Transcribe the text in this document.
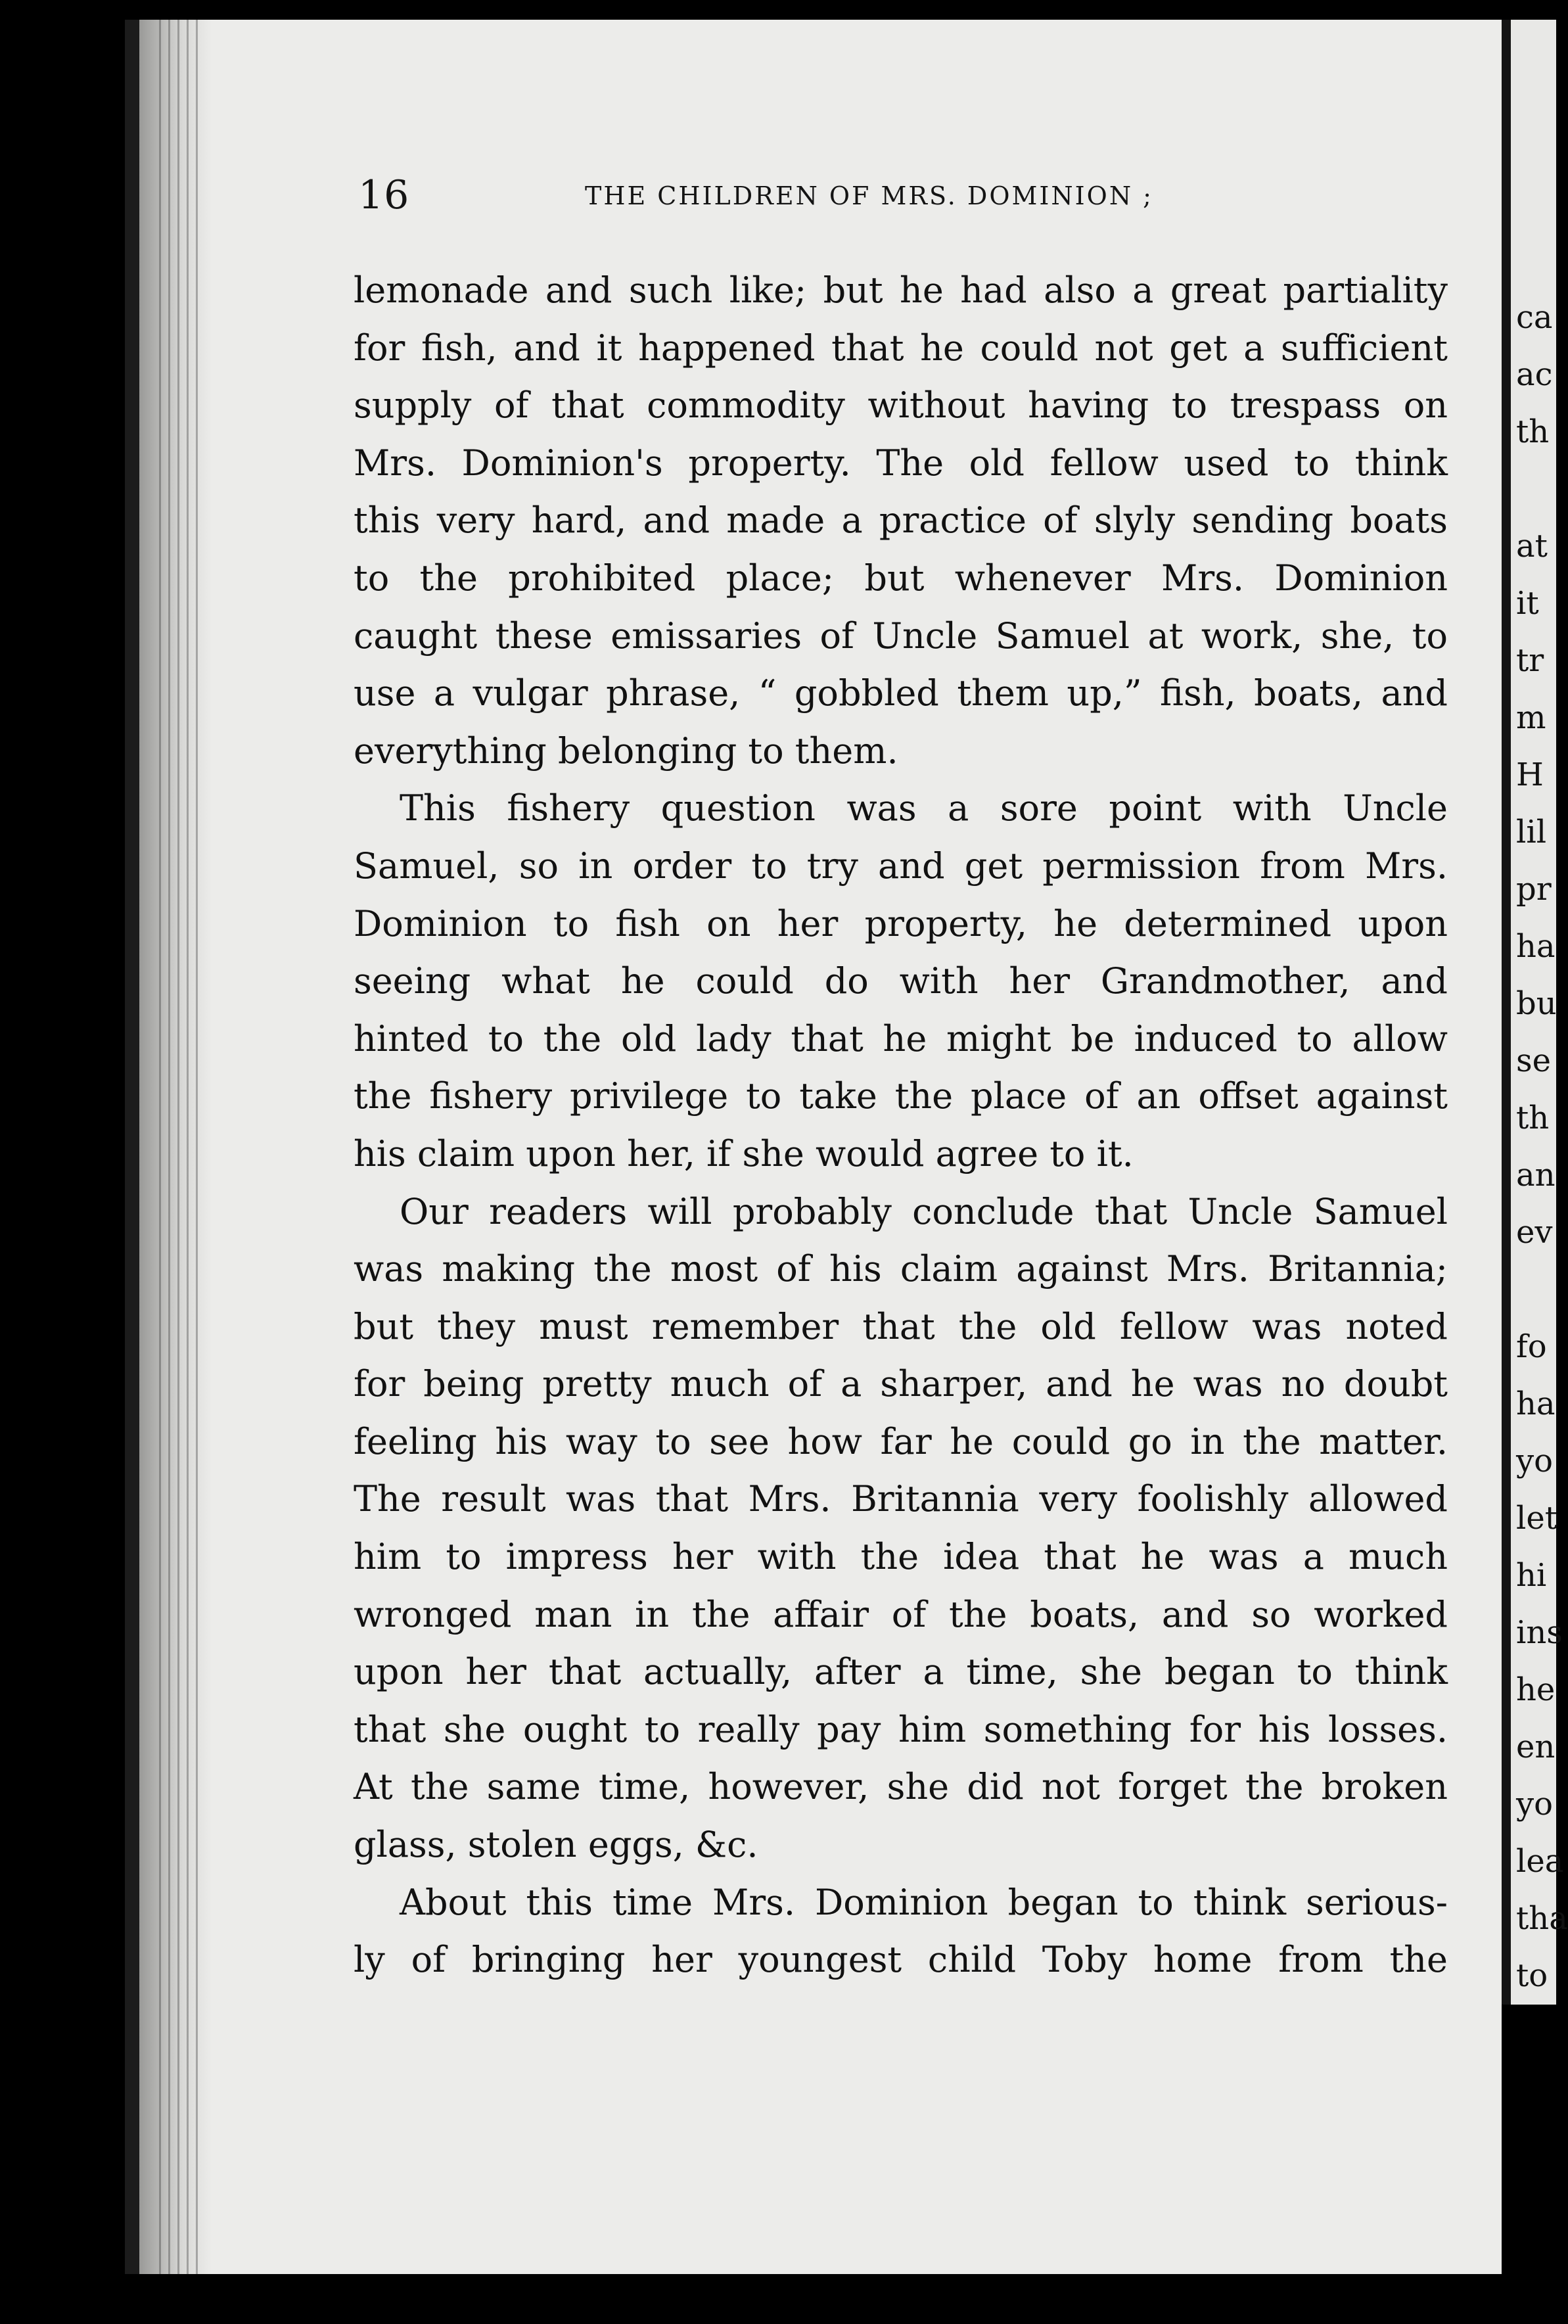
ca
ac
th
at
it
tr
m
H
lil
pr
ha
bu
se
th
an
ev
fo
ha
yo
let
hi
ins
he
en
yo
lea
tha
to
16	THE CHILDREN OF MRS. DOMINION ;
lemonade and such like; but he had also a great partiality
for fish, and it happened that he could not get a sufficient
supply of that commodity without having to trespass on
Mrs. Dominion's property. The old fellow used to think
this very hard, and made a practice of slyly sending boats
to the prohibited place; but whenever Mrs. Dominion
caught these emissaries of Uncle Samuel at work, she, to
use a vulgar phrase, “ gobbled them up,” fish, boats, and
everything belonging to them.
This fishery question was a sore point with Uncle
Samuel, so in order to try and get permission from Mrs.
Dominion to fish on her property, he determined upon
seeing what he could do with her Grandmother, and
hinted to the old lady that he might be induced to allow
the fishery privilege to take the place of an offset against
his claim upon her, if she would agree to it.
Our readers will probably conclude that Uncle Samuel
was making the most of his claim against Mrs. Britannia;
but they must remember that the old fellow was noted
for being pretty much of a sharper, and he was no doubt
feeling his way to see how far he could go in the matter.
The result was that Mrs. Britannia very foolishly allowed
him to impress her with the idea that he was a much
wronged man in the affair of the boats, and so worked
upon her that actually, after a time, she began to think
that she ought to really pay him something for his losses.
At the same time, however, she did not forget the broken
glass, stolen eggs, &c.
About this time Mrs. Dominion began to think serious-
ly of bringing her youngest child Toby home from the
